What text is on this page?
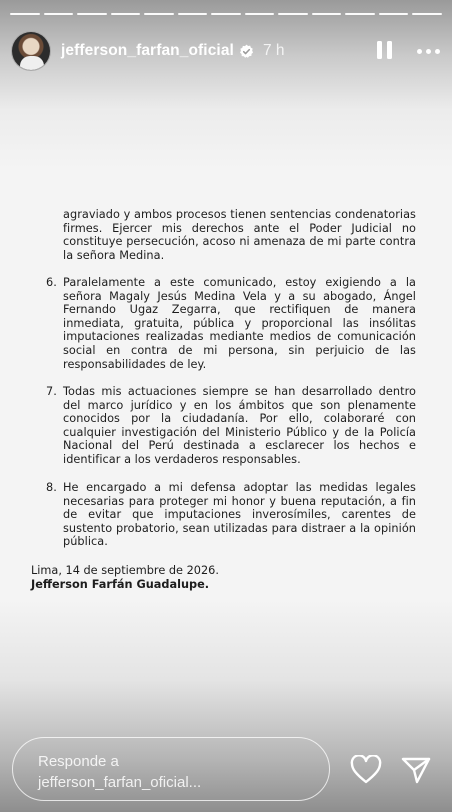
jefferson_farfan_oficial 7 h
agraviado y ambos procesos tienen sentencias condenatorias firmes. Ejercer mis derechos ante el Poder Judicial no constituye persecución, acoso ni amenaza de mi parte contra la señora Medina.
6. Paralelamente a este comunicado, estoy exigiendo a la señora Magaly Jesús Medina Vela y a su abogado, Ángel Fernando Ugaz Zegarra, que rectifiquen de manera inmediata, gratuita, pública y proporcional las insólitas imputaciones realizadas mediante medios de comunicación social en contra de mi persona, sin perjuicio de las responsabilidades de ley.
7. Todas mis actuaciones siempre se han desarrollado dentro del marco jurídico y en los ámbitos que son plenamente conocidos por la ciudadanía. Por ello, colaboraré con cualquier investigación del Ministerio Público y de la Policía Nacional del Perú destinada a esclarecer los hechos e identificar a los verdaderos responsables.
8. He encargado a mi defensa adoptar las medidas legales necesarias para proteger mi honor y buena reputación, a fin de evitar que imputaciones inverosímiles, carentes de sustento probatorio, sean utilizadas para distraer a la opinión pública.
Lima, 14 de septiembre de 2026.
Jefferson Farfán Guadalupe.
Responde a
jefferson_farfan_oficial...
